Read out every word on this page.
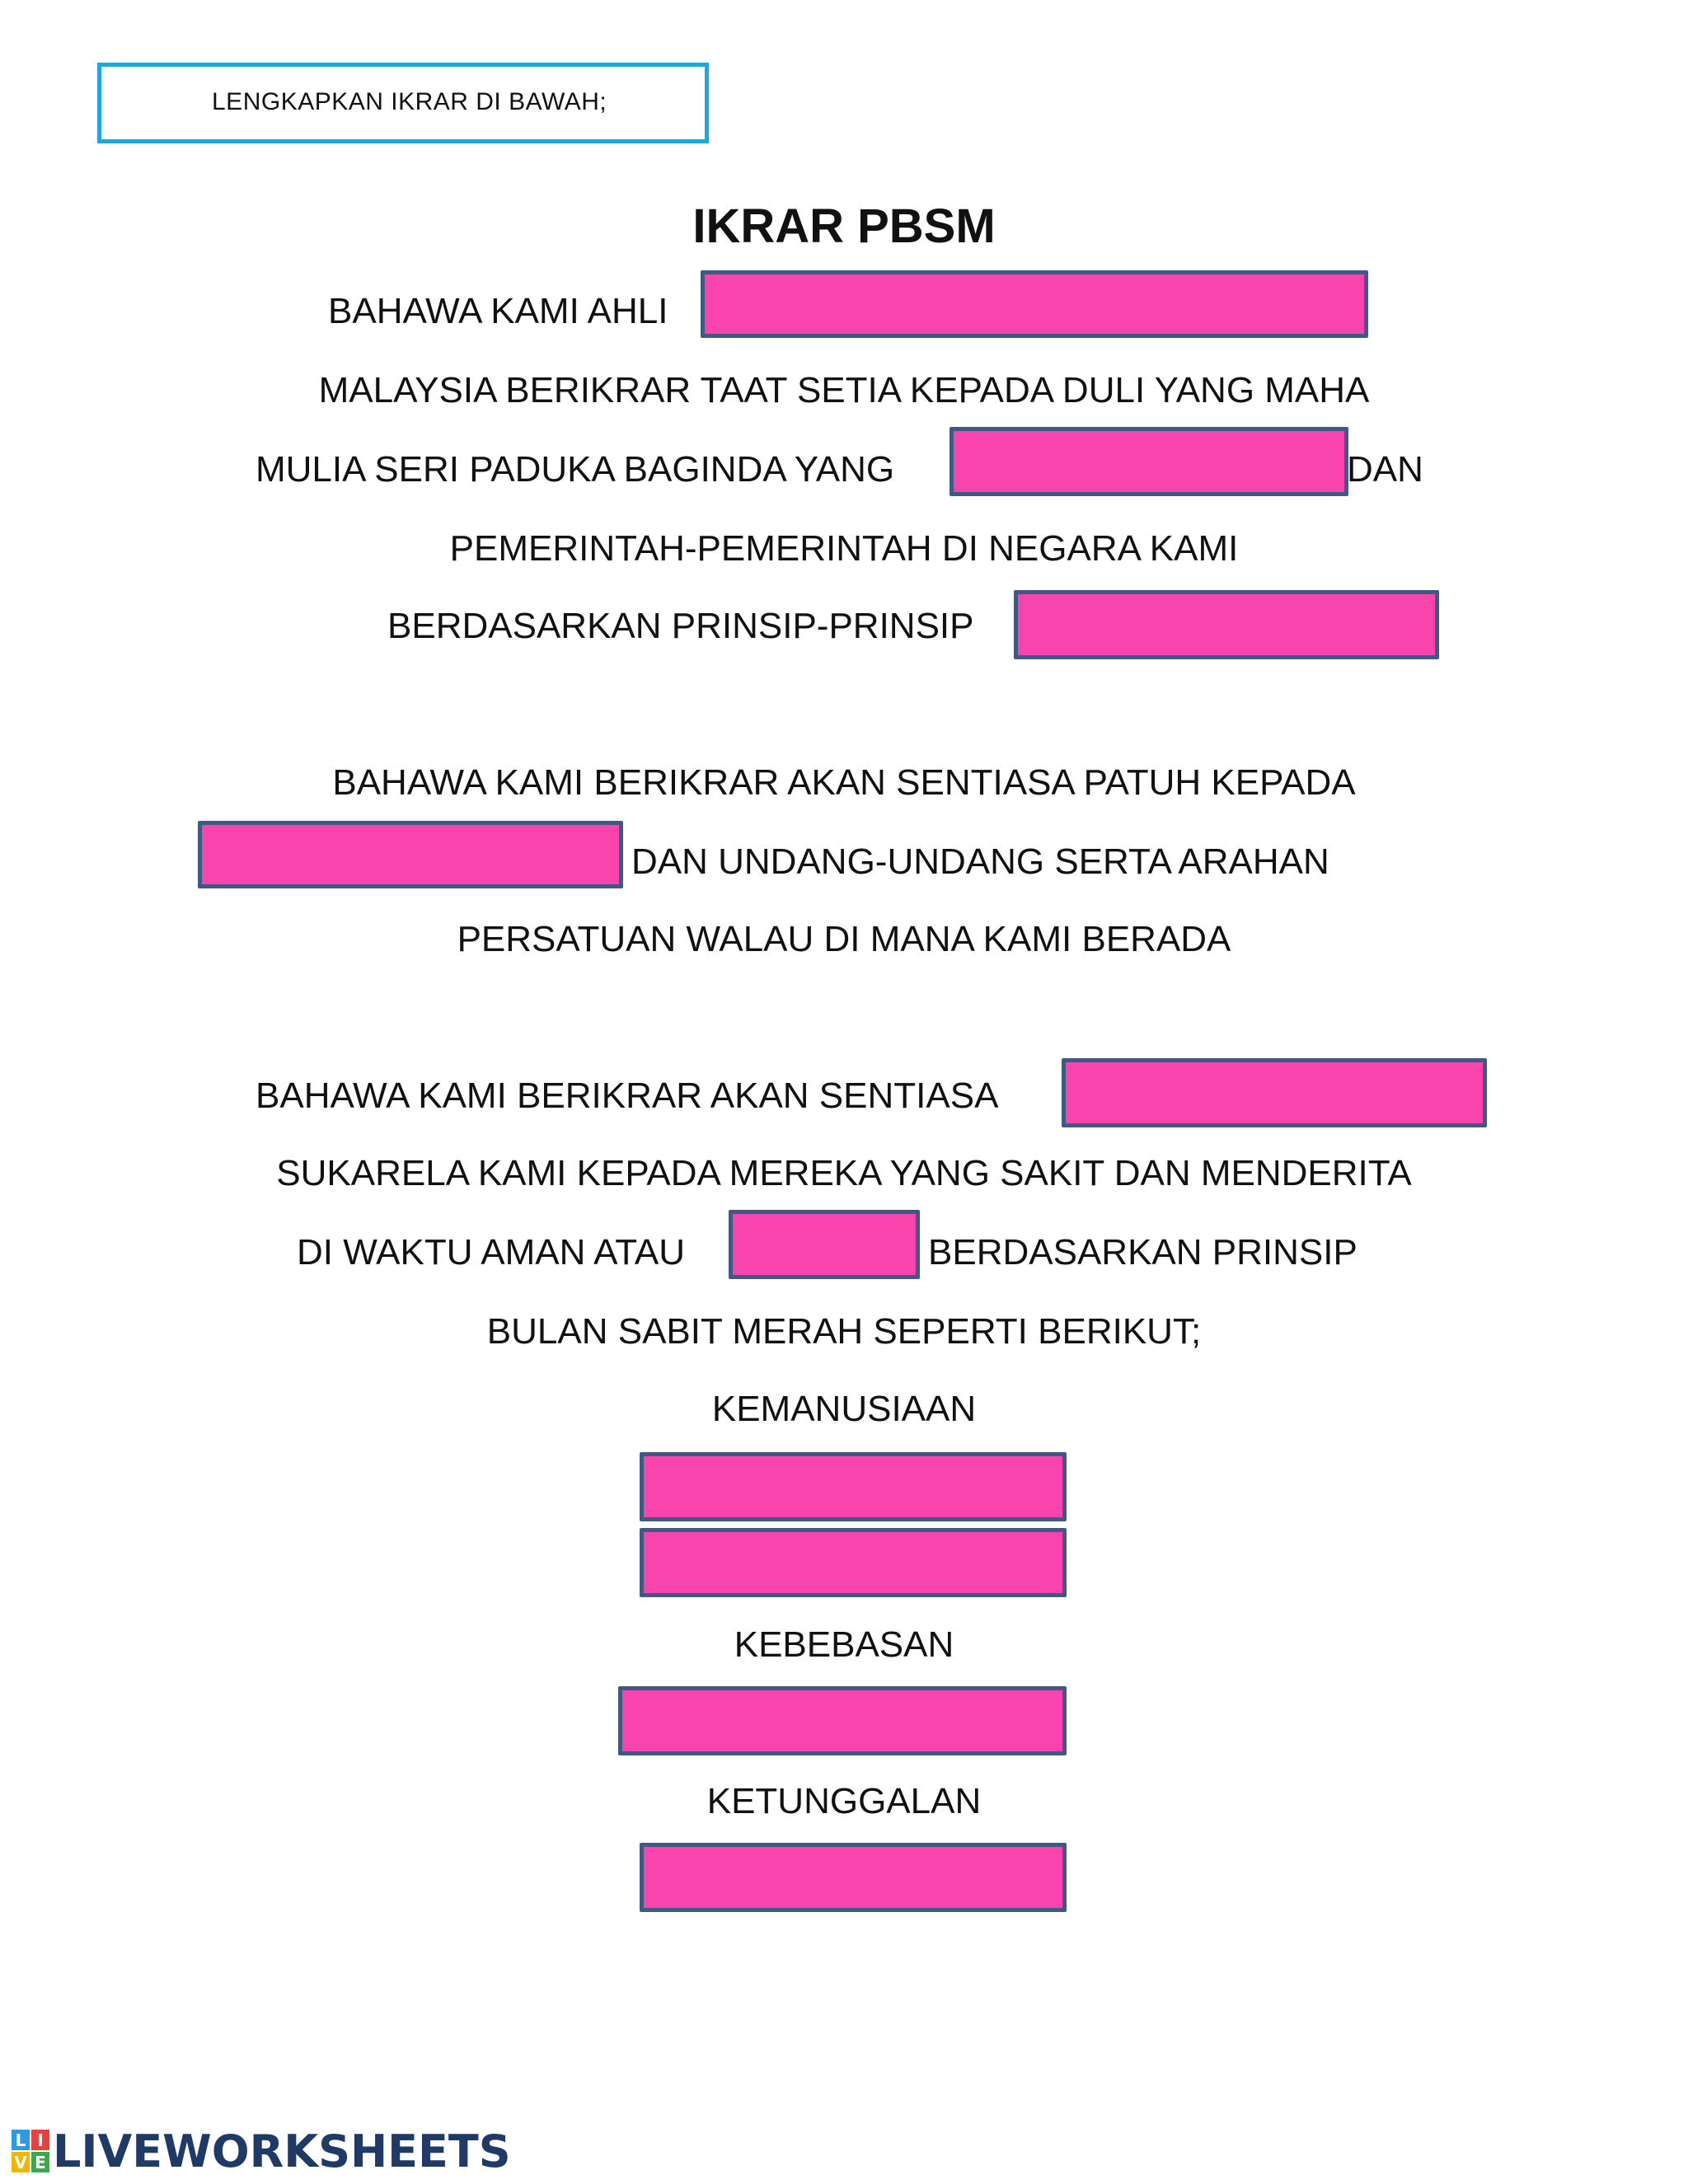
LENGKAPKAN IKRAR DI BAWAH;
IKRAR PBSM
BAHAWA KAMI AHLI
MALAYSIA BERIKRAR TAAT SETIA KEPADA DULI YANG MAHA
MULIA SERI PADUKA BAGINDA YANG	DAN
PEMERINTAH-PEMERINTAH DI NEGARA KAMI
BERDASARKAN PRINSIP-PRINSIP
BAHAWA KAMI BERIKRAR AKAN SENTIASA PATUH KEPADA
DAN UNDANG-UNDANG SERTA ARAHAN
PERSATUAN WALAU DI MANA KAMI BERADA
BAHAWA KAMI BERIKRAR AKAN SENTIASA
SUKARELA KAMI KEPADA MEREKA YANG SAKIT DAN MENDERITA
DI WAKTU AMAN ATAU	BERDASARKAN PRINSIP
BULAN SABIT MERAH SEPERTI BERIKUT;
KEMANUSIAAN
KEBEBASAN
KETUNGGALAN
L I
V E LIVEWORKSHEETS
